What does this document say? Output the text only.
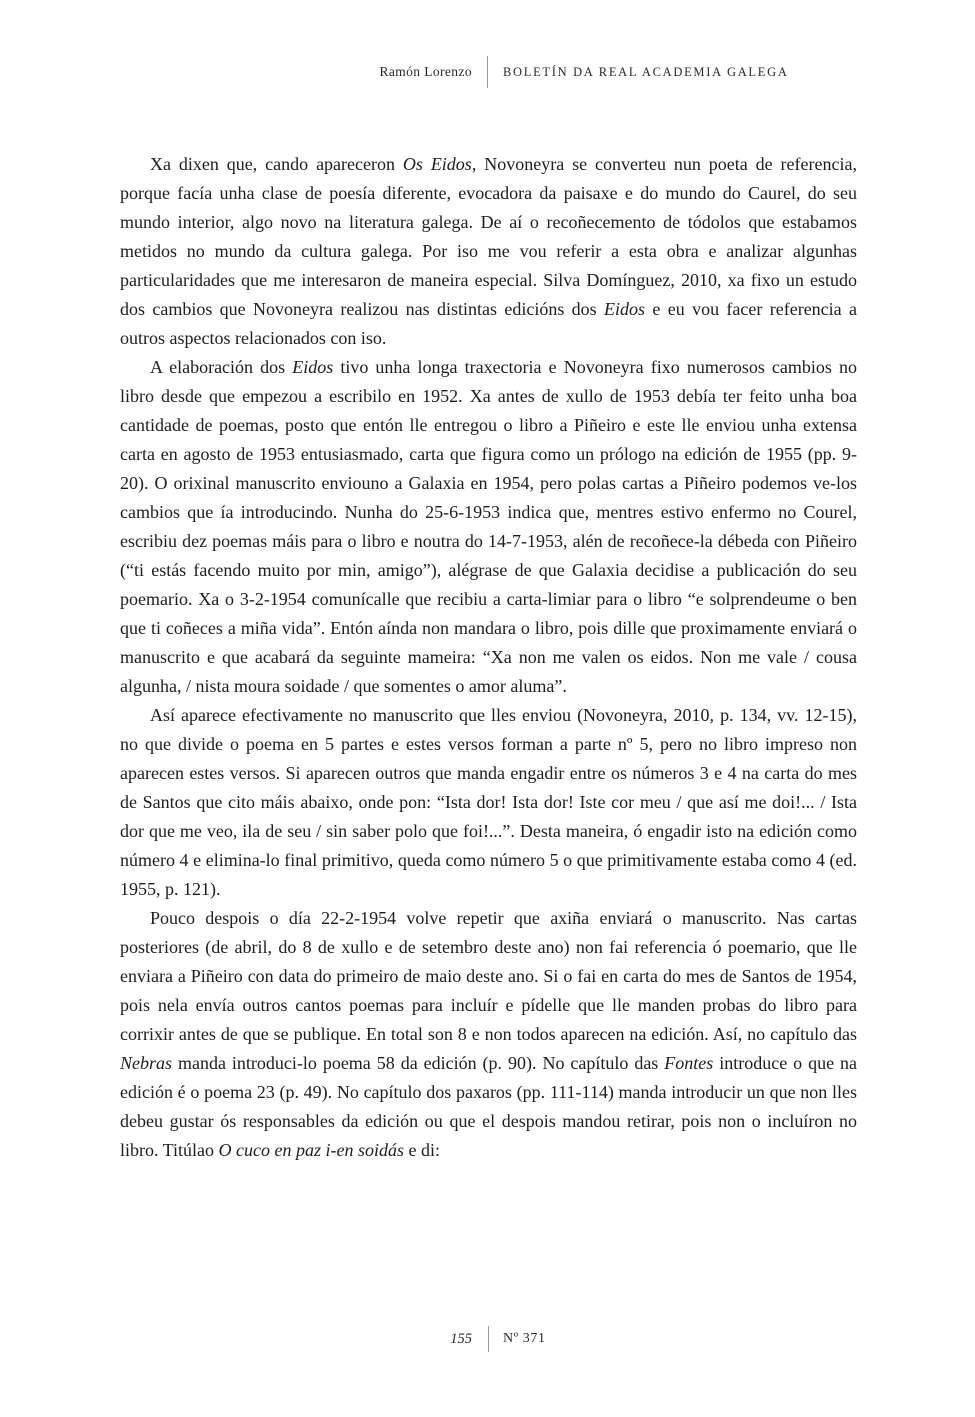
Ramón Lorenzo	BOLETÍN DA REAL ACADEMIA GALEGA

Xa dixen que, cando apareceron Os Eidos, Novoneyra se converteu nun poeta de referencia, porque facía unha clase de poesía diferente, evocadora da paisaxe e do mundo do Caurel, do seu mundo interior, algo novo na literatura galega. De aí o recoñecemento de tódolos que estabamos metidos no mundo da cultura galega. Por iso me vou referir a esta obra e analizar algunhas particularidades que me interesaron de maneira especial. Silva Domínguez, 2010, xa fixo un estudo dos cambios que Novoneyra realizou nas distintas edicións dos Eidos e eu vou facer referencia a outros aspectos relacionados con iso.

A elaboración dos Eidos tivo unha longa traxectoria e Novoneyra fixo numerosos cambios no libro desde que empezou a escribilo en 1952. Xa antes de xullo de 1953 debía ter feito unha boa cantidade de poemas, posto que entón lle entregou o libro a Piñeiro e este lle enviou unha extensa carta en agosto de 1953 entusiasmado, carta que figura como un prólogo na edición de 1955 (pp. 9-20). O orixinal manuscrito enviouno a Galaxia en 1954, pero polas cartas a Piñeiro podemos ve-los cambios que ía introducindo. Nunha do 25-6-1953 indica que, mentres estivo enfermo no Courel, escribiu dez poemas máis para o libro e noutra do 14-7-1953, alén de recoñece-la débeda con Piñeiro (“ti estás facendo muito por min, amigo”), alégrase de que Galaxia decidise a publicación do seu poemario. Xa o 3-2-1954 comunícalle que recibiu a carta-limiar para o libro “e solprendeume o ben que ti coñeces a miña vida”. Entón aínda non mandara o libro, pois dille que proximamente enviará o manuscrito e que acabará da seguinte mameira: “Xa non me valen os eidos. Non me vale / cousa algunha, / nista moura soidade / que somentes o amor aluma”.

Así aparece efectivamente no manuscrito que lles enviou (Novoneyra, 2010, p. 134, vv. 12-15), no que divide o poema en 5 partes e estes versos forman a parte nº 5, pero no libro impreso non aparecen estes versos. Si aparecen outros que manda engadir entre os números 3 e 4 na carta do mes de Santos que cito máis abaixo, onde pon: “Ista dor! Ista dor! Iste cor meu / que así me doi!... / Ista dor que me veo, ila de seu / sin saber polo que foi!...”. Desta maneira, ó engadir isto na edición como número 4 e elimina-lo final primitivo, queda como número 5 o que primitivamente estaba como 4 (ed. 1955, p. 121).

Pouco despois o día 22-2-1954 volve repetir que axiña enviará o manuscrito. Nas cartas posteriores (de abril, do 8 de xullo e de setembro deste ano) non fai referencia ó poemario, que lle enviara a Piñeiro con data do primeiro de maio deste ano. Si o fai en carta do mes de Santos de 1954, pois nela envía outros cantos poemas para incluír e pídelle que lle manden probas do libro para corrixir antes de que se publique. En total son 8 e non todos aparecen na edición. Así, no capítulo das Nebras manda introduci-lo poema 58 da edición (p. 90). No capítulo das Fontes introduce o que na edición é o poema 23 (p. 49). No capítulo dos paxaros (pp. 111-114) manda introducir un que non lles debeu gustar ós responsables da edición ou que el despois mandou retirar, pois non o incluíron no libro. Titúlao O cuco en paz i-en soidás e di:

155	Nº 371
